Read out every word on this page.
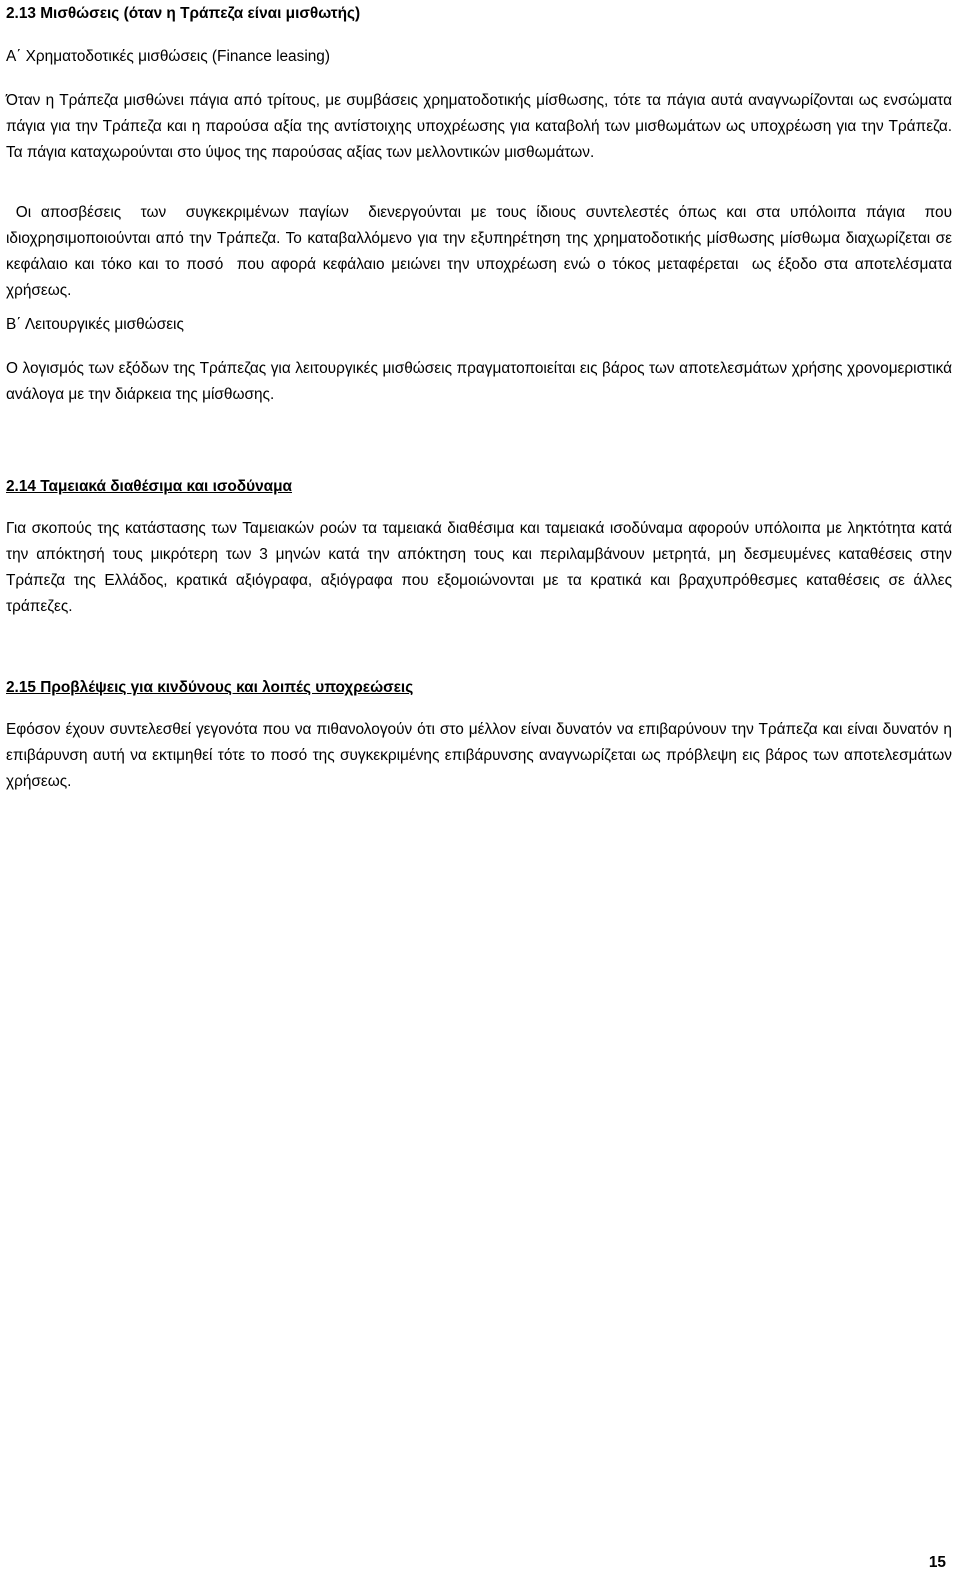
2.13 Μισθώσεις (όταν η Τράπεζα είναι μισθωτής)
Α΄ Χρηματοδοτικές μισθώσεις (Finance leasing)

Όταν η Τράπεζα μισθώνει πάγια από τρίτους, με συμβάσεις χρηματοδοτικής μίσθωσης, τότε τα πάγια αυτά αναγνωρίζονται ως ενσώματα πάγια για την Τράπεζα και η παρούσα αξία της αντίστοιχης υποχρέωσης για καταβολή των μισθωμάτων ως υποχρέωση για την Τράπεζα. Τα πάγια καταχωρούνται στο ύψος της παρούσας αξίας των μελλοντικών μισθωμάτων.

Οι αποσβέσεις  των  συγκεκριμένων παγίων  διενεργούνται με τους ίδιους συντελεστές όπως και στα υπόλοιπα πάγια  που ιδιοχρησιμοποιούνται από την Τράπεζα. Το καταβαλλόμενο για την εξυπηρέτηση της χρηματοδοτικής μίσθωσης μίσθωμα διαχωρίζεται σε κεφάλαιο και τόκο και το ποσό  που αφορά κεφάλαιο μειώνει την υποχρέωση ενώ ο τόκος μεταφέρεται  ως έξοδο στα αποτελέσματα χρήσεως.

Β΄ Λειτουργικές μισθώσεις

Ο λογισμός των εξόδων της Τράπεζας για λειτουργικές μισθώσεις πραγματοποιείται εις βάρος των αποτελεσμάτων χρήσης χρονομεριστικά ανάλογα με την διάρκεια της μίσθωσης.

2.14 Ταμειακά διαθέσιμα και ισοδύναμα

Για σκοπούς της κατάστασης των Ταμειακών ροών τα ταμειακά διαθέσιμα και ταμειακά ισοδύναμα αφορούν υπόλοιπα με ληκτότητα κατά την απόκτησή τους μικρότερη των 3 μηνών κατά την απόκτηση τους και περιλαμβάνουν μετρητά, μη δεσμευμένες καταθέσεις στην Τράπεζα της Ελλάδος, κρατικά αξιόγραφα, αξιόγραφα που εξομοιώνονται με τα κρατικά και βραχυπρόθεσμες καταθέσεις σε άλλες τράπεζες.

2.15 Προβλέψεις για κινδύνους και λοιπές υποχρεώσεις

Εφόσον έχουν συντελεσθεί γεγονότα που να πιθανολογούν ότι στο μέλλον είναι δυνατόν να επιβαρύνουν την Τράπεζα και είναι δυνατόν η επιβάρυνση αυτή να εκτιμηθεί τότε το ποσό της συγκεκριμένης επιβάρυνσης αναγνωρίζεται ως πρόβλεψη εις βάρος των αποτελεσμάτων χρήσεως.

15
